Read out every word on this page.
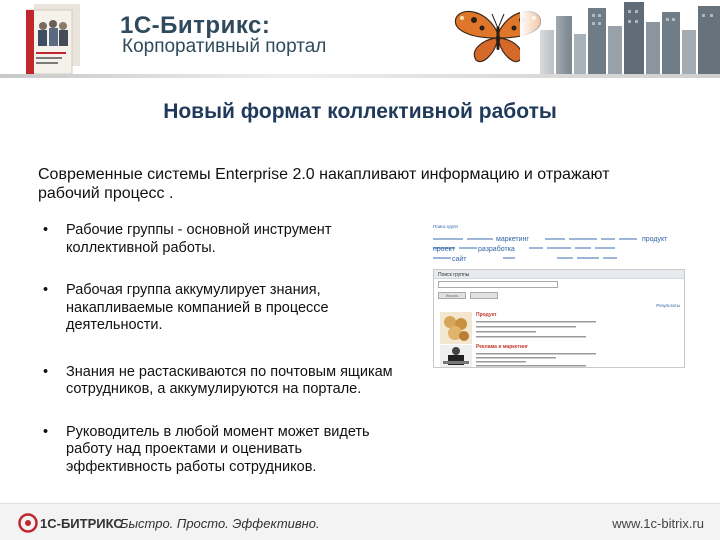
1С-Битрикс:
Корпоративный портал
Новый формат коллективной работы
Современные системы Enterprise 2.0 накапливают информацию и отражают рабочий процесс .
• Рабочие группы - основной инструмент коллективной работы.
• Рабочая группа аккумулирует знания, накапливаемые компанией в процессе деятельности.
• Знания не растаскиваются по почтовым ящикам сотрудников, а аккумулируются на портале.
• Руководитель в любой момент может видеть работу над проектами и оценивать эффективность работы сотрудников.
Поиск групп
маркетинг	продукт
проект	разработка
сайт
Поиск группы
Искать
Результаты
Продукт
Реклама и маркетинг
1С-БИТРИКС
Быстро. Просто. Эффективно.	www.1c-bitrix.ru
